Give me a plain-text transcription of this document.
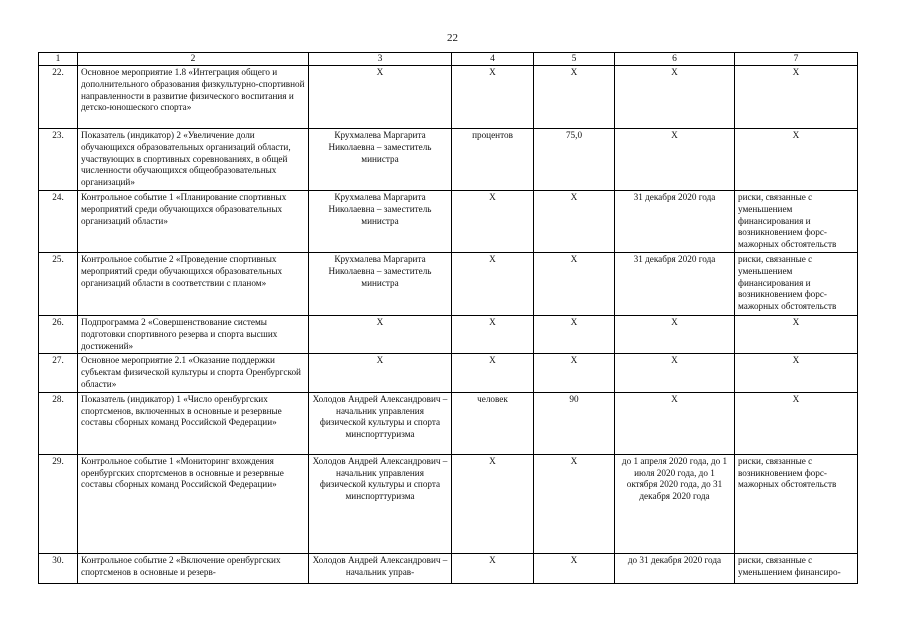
22
1	2	3	4	5	6	7
22.	Основное мероприятие 1.8 «Интеграция общего и дополнительного образования физкультурно-спортивной направленности в развитие физического воспитания и детско-юношеского спорта»	Х	Х	Х	Х	Х
23.	Показатель (индикатор) 2 «Увеличение доли обучающихся образовательных организаций области, участвующих в спортивных соревнованиях, в общей численности обучающихся общеобразовательных организаций»	Крухмалева Маргарита Николаевна – заместитель министра	процентов	75,0	Х	Х
24.	Контрольное событие 1 «Планирование спортивных мероприятий среди обучающихся образовательных организаций области»	Крухмалева Маргарита Николаевна – заместитель министра	Х	Х	31 декабря 2020 года	риски, связанные с уменьшением финансирования и возникновением форс-мажорных обстоятельств
25.	Контрольное событие 2 «Проведение спортивных мероприятий среди обучающихся образовательных организаций области в соответствии с планом»	Крухмалева Маргарита Николаевна – заместитель министра	Х	Х	31 декабря 2020 года	риски, связанные с уменьшением финансирования и возникновением форс-мажорных обстоятельств
26.	Подпрограмма 2 «Совершенствование системы подготовки спортивного резерва и спорта высших достижений»	Х	Х	Х	Х	Х
27.	Основное мероприятие 2.1 «Оказание поддержки субъектам физической культуры и спорта Оренбургской области»	Х	Х	Х	Х	Х
28.	Показатель (индикатор) 1 «Число оренбургских спортсменов, включенных в основные и резервные составы сборных команд Российской Федерации»	Холодов Андрей Александрович – начальник управления физической культуры и спорта минспорттуризма	человек	90	Х	Х
29.	Контрольное событие 1 «Мониторинг вхождения оренбургских спортсменов в основные и резервные составы сборных команд Российской Федерации»	Холодов Андрей Александрович – начальник управления физической культуры и спорта минспорттуризма	Х	Х	до 1 апреля 2020 года, до 1 июля 2020 года, до 1 октября 2020 года, до 31 декабря 2020 года	риски, связанные с возникновением форс-мажорных обстоятельств
30.	Контрольное событие 2 «Включение оренбургских спортсменов в основные и резерв-	Холодов Андрей Александрович – начальник управ-	Х	Х	до 31 декабря 2020 года	риски, связанные с уменьшением финансиро-
